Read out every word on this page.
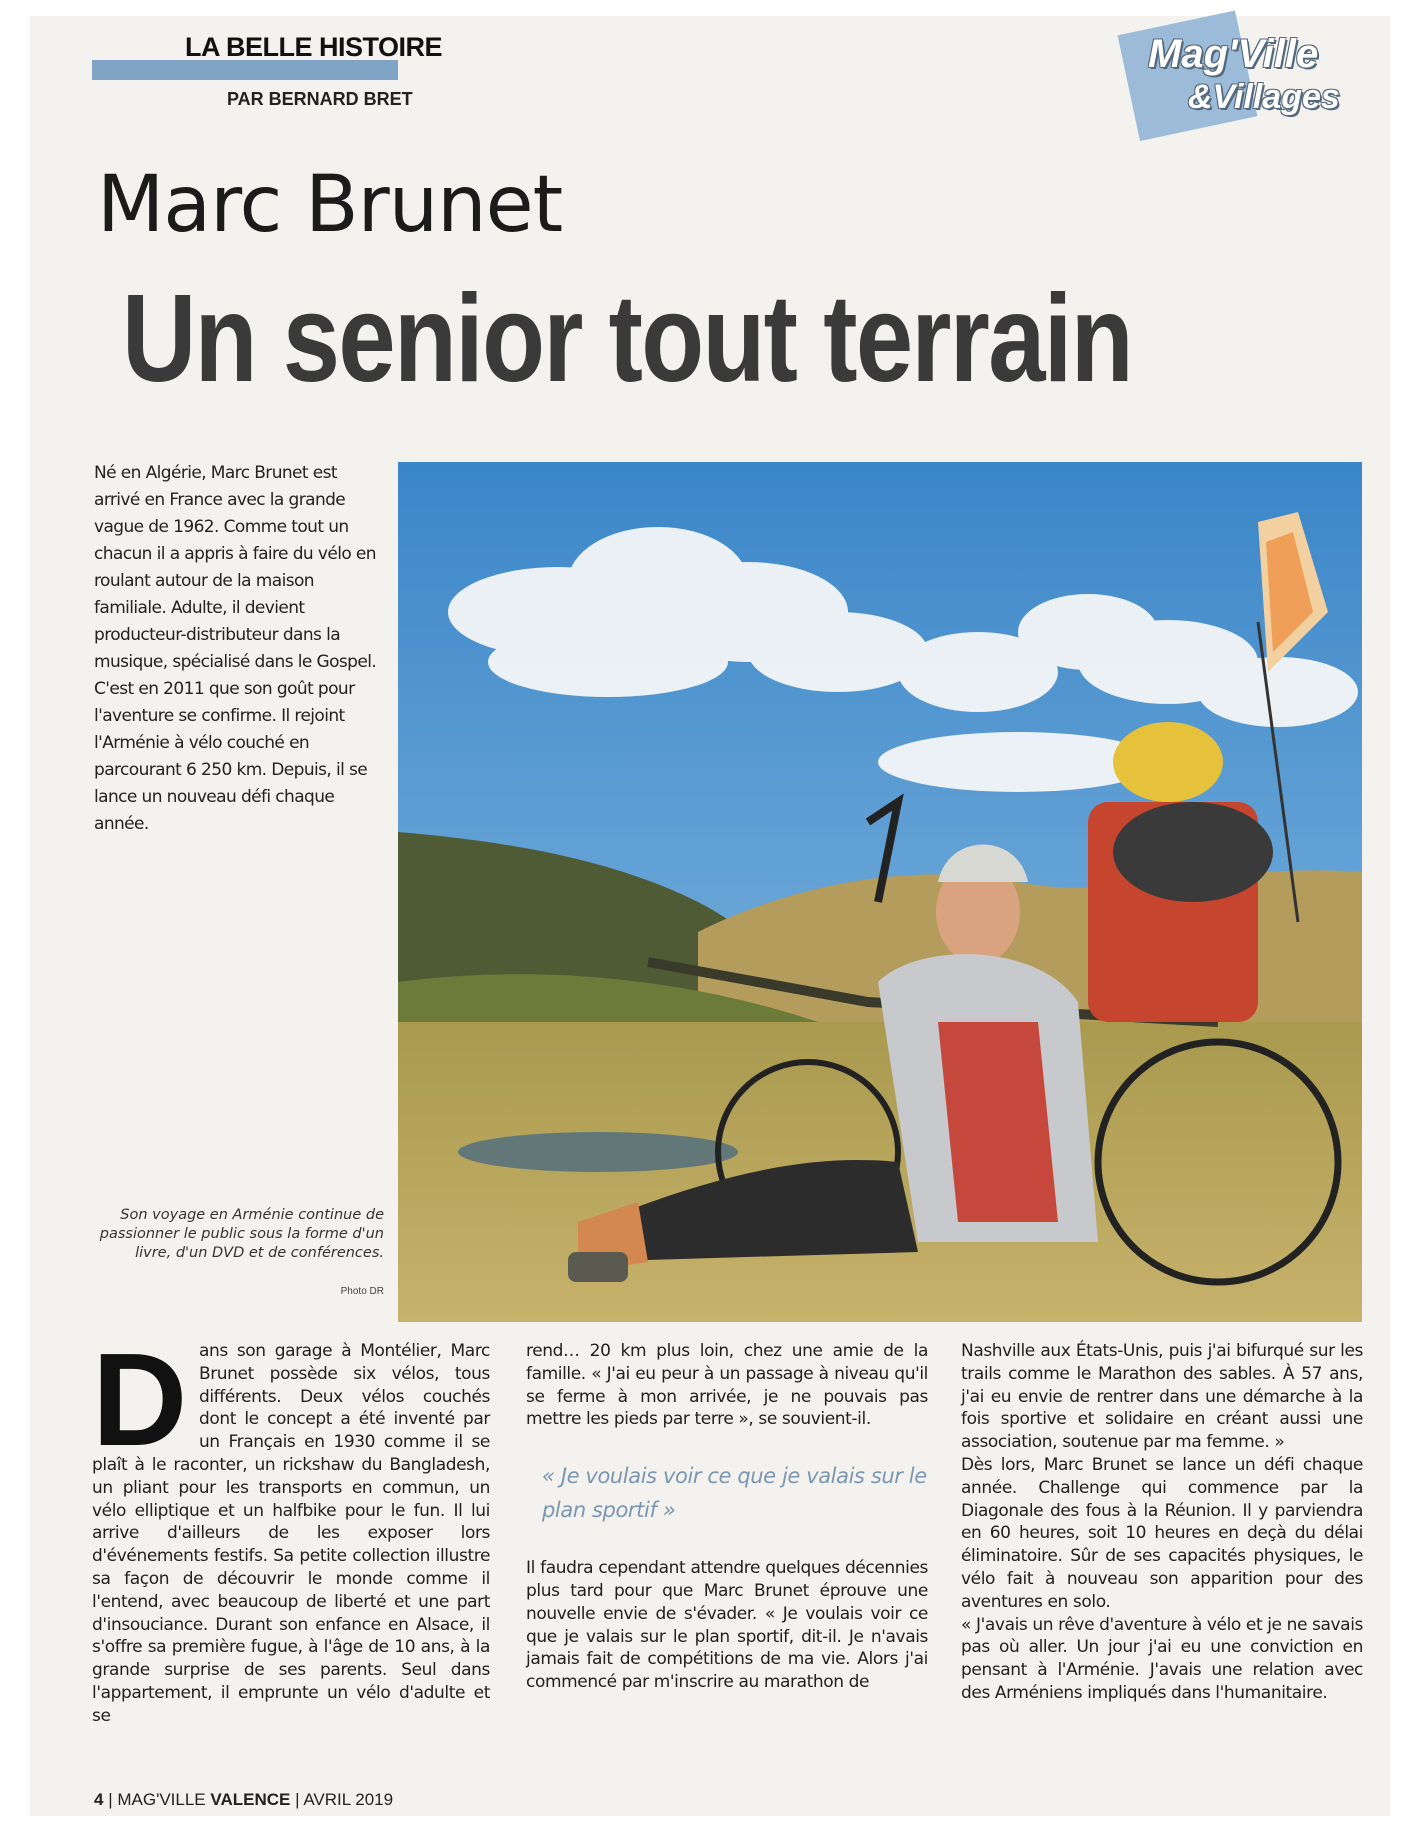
LA BELLE HISTOIRE
PAR BERNARD BRET
Mag'Ville
&Villages
Marc Brunet
Un senior tout terrain

Né en Algérie, Marc Brunet est arrivé en France avec la grande vague de 1962. Comme tout un chacun il a appris à faire du vélo en roulant autour de la maison familiale. Adulte, il devient producteur-distributeur dans la musique, spécialisé dans le Gospel. C'est en 2011 que son goût pour l'aventure se confirme. Il rejoint l'Arménie à vélo couché en parcourant 6 250 km. Depuis, il se lance un nouveau défi chaque année.

Son voyage en Arménie continue de passionner le public sous la forme d'un livre, d'un DVD et de conférences.

Photo DR

Dans son garage à Montélier, Marc Brunet possède six vélos, tous différents. Deux vélos couchés dont le concept a été inventé par un Français en 1930 comme il se plaît à le raconter, un rickshaw du Bangladesh, un pliant pour les transports en commun, un vélo elliptique et un halfbike pour le fun. Il lui arrive d'ailleurs de les exposer lors d'événements festifs. Sa petite collection illustre sa façon de découvrir le monde comme il l'entend, avec beaucoup de liberté et une part d'insouciance. Durant son enfance en Alsace, il s'offre sa première fugue, à l'âge de 10 ans, à la grande surprise de ses parents. Seul dans l'appartement, il emprunte un vélo d'adulte et se

rend… 20 km plus loin, chez une amie de la famille. « J'ai eu peur à un passage à niveau qu'il se ferme à mon arrivée, je ne pouvais pas mettre les pieds par terre », se souvient-il.

« Je voulais voir ce que je valais sur le plan sportif »

Il faudra cependant attendre quelques décennies plus tard pour que Marc Brunet éprouve une nouvelle envie de s'évader. « Je voulais voir ce que je valais sur le plan sportif, dit-il. Je n'avais jamais fait de compétitions de ma vie. Alors j'ai commencé par m'inscrire au marathon de

Nashville aux États-Unis, puis j'ai bifurqué sur les trails comme le Marathon des sables. À 57 ans, j'ai eu envie de rentrer dans une démarche à la fois sportive et solidaire en créant aussi une association, soutenue par ma femme. »

Dès lors, Marc Brunet se lance un défi chaque année. Challenge qui commence par la Diagonale des fous à la Réunion. Il y parviendra en 60 heures, soit 10 heures en deçà du délai éliminatoire. Sûr de ses capacités physiques, le vélo fait à nouveau son apparition pour des aventures en solo.

« J'avais un rêve d'aventure à vélo et je ne savais pas où aller. Un jour j'ai eu une conviction en pensant à l'Arménie. J'avais une relation avec des Arméniens impliqués dans l'humanitaire.

4 | MAG'VILLE VALENCE | AVRIL 2019
